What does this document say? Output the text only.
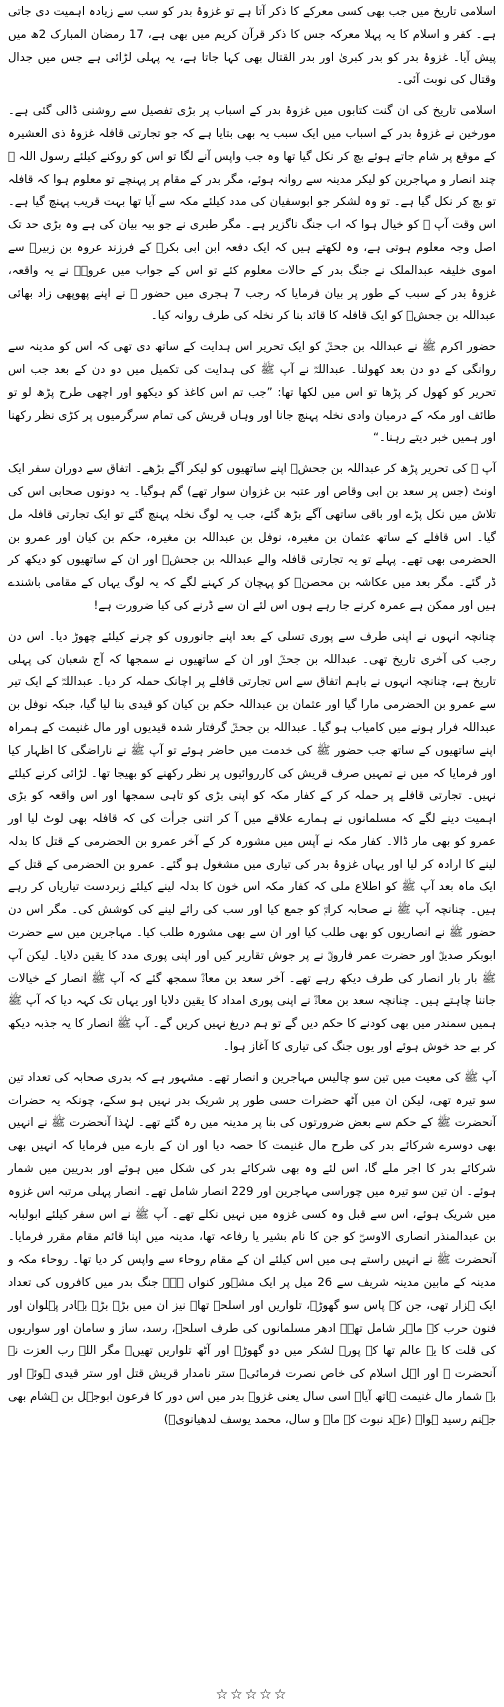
اسلامی تاریخ میں جب بھی کسی معرکے کا ذکر آتا ہے تو غزوۂ بدر کو سب سے زیادہ اہمیت دی جاتی ہے۔ کفر و اسلام کا یہ پہلا معرکہ جس کا ذکر قرآن کریم میں بھی ہے، 17 رمضان المبارک 2ھ میں پیش آیا۔ غزوۂ بدر کو بدر کبریٰ اور بدر القتال بھی کہا جاتا ہے، یہ پہلی لڑائی ہے جس میں جدال وقتال کی نوبت آئی۔

اسلامی تاریخ کی ان گنت کتابوں میں غزوۂ بدر کے اسباب پر بڑی تفصیل سے روشنی ڈالی گئی ہے۔ مورخین نے غزوۂ بدر کے اسباب میں ایک سبب یہ بھی بتایا ہے کہ جو تجارتی قافلہ غزوۂ ذی العشیرہ کے موقع پر شام جاتے ہوئے بچ کر نکل گیا تھا وہ جب واپس آنے لگا تو اس کو روکنے کیلئے رسول اللہ ﷺ چند انصار و مہاجرین کو لیکر مدینہ سے روانہ ہوئے، مگر بدر کے مقام پر پہنچے تو معلوم ہوا کہ قافلہ تو بچ کر نکل گیا ہے۔ تو وہ لشکر جو ابوسفیان کی مدد کیلئے مکہ سے آیا تھا بہت قریب پہنچ گیا ہے۔ اس وقت آپ ﷺ کو خیال ہوا کہ اب جنگ ناگزیر ہے۔ مگر طبری نے جو بیہ بیان کی ہے وہ بڑی حد تک اصل وجہ معلوم ہوتی ہے، وہ لکھتے ہیں کہ ایک دفعہ ابن ابی بکرؓ کے فرزند عروہ بن زبیرؓ سے اموی خلیفہ عبدالملک نے جنگ بدر کے حالات معلوم کئے تو اس کے جواب میں عروہؓ نے یہ واقعہ، غزوۂ بدر کے سبب کے طور پر بیان فرمایا کہ رجب 7 ہجری میں حضور ﷺ نے اپنے پھوپھی زاد بھائی عبداللہ بن جحشؓ کو ایک قافلہ کا قائد بنا کر نخلہ کی طرف روانہ کیا۔

حضور اکرم ﷺ نے عبداللہ بن جحشؓ کو ایک تحریر اس ہدایت کے ساتھ دی تھی کہ اس کو مدینہ سے روانگی کے دو دن بعد کھولنا۔ عبداللہؓ نے آپ ﷺ کی ہدایت کی تکمیل میں دو دن کے بعد جب اس تحریر کو کھول کر پڑھا تو اس میں لکھا تھا: ”جب تم اس کاغذ کو دیکھو اور اچھی طرح پڑھ لو تو طائف اور مکہ کے درمیان وادی نخلہ پہنچ جانا اور وہاں قریش کی تمام سرگرمیوں پر کڑی نظر رکھنا اور ہمیں خبر دیتے رہنا۔“

آپ ﷺ کی تحریر پڑھ کر عبداللہ بن جحشؓ اپنے ساتھیوں کو لیکر آگے بڑھے۔ اتفاق سے دوران سفر ایک اونٹ (جس پر سعد بن ابی وقاص اور عتبہ بن غزوان سوار تھے) گم ہوگیا۔ یہ دونوں صحابی اس کی تلاش میں نکل پڑے اور باقی ساتھی آگے بڑھ گئے، جب یہ لوگ نخلہ پہنچ گئے تو ایک تجارتی قافلہ مل گیا۔ اس قافلے کے ساتھ عثمان بن مغیرہ، نوفل بن عبداللہ بن مغیرہ، حکم بن کیان اور عمرو بن الحضرمی بھی تھے۔ پہلے تو یہ تجارتی قافلہ والے عبداللہ بن جحشؓ اور ان کے ساتھیوں کو دیکھ کر ڈر گئے۔ مگر بعد میں عکاشہ بن محصنؓ کو پہچان کر کہنے لگے کہ یہ لوگ یہاں کے مقامی باشندے ہیں اور ممکن ہے عمرہ کرنے جا رہے ہوں اس لئے ان سے ڈرنے کی کیا ضرورت ہے!

چنانچہ انہوں نے اپنی طرف سے پوری تسلی کے بعد اپنے جانوروں کو چرنے کیلئے چھوڑ دیا۔ اس دن رجب کی آخری تاریخ تھی۔ عبداللہ بن جحشؓ اور ان کے ساتھیوں نے سمجھا کہ آج شعبان کی پہلی تاریخ ہے، چنانچہ انہوں نے باہم اتفاق سے اس تجارتی قافلے پر اچانک حملہ کر دیا۔ عبداللہؓ کے ایک تیر سے عمرو بن الحضرمی مارا گیا اور عثمان بن عبداللہ حکم بن کیان کو قیدی بنا لیا گیا، جبکہ نوفل بن عبداللہ فرار ہونے میں کامیاب ہو گیا۔ عبداللہ بن جحشؓ گرفتار شدہ قیدیوں اور مال غنیمت کے ہمراہ اپنے ساتھیوں کے ساتھ جب حضور ﷺ کی خدمت میں حاضر ہوئے تو آپ ﷺ نے ناراضگی کا اظہار کیا اور فرمایا کہ میں نے تمہیں صرف قریش کی کارروائیوں پر نظر رکھنے کو بھیجا تھا۔ لڑائی کرنے کیلئے نہیں۔ تجارتی قافلے پر حملہ کر کے کفار مکہ کو اپنی بڑی کو تاہی سمجھا اور اس واقعہ کو بڑی اہمیت دینے لگے کہ مسلمانوں نے ہمارے علاقے میں آ کر اتنی جرأت کی کہ قافلہ بھی لوٹ لیا اور عمرو کو بھی مار ڈالا۔ کفار مکہ نے آپس میں مشورہ کر کے آخر عمرو بن الحضرمی کے قتل کا بدلہ لینے کا ارادہ کر لیا اور یہاں غزوۂ بدر کی تیاری میں مشغول ہو گئے۔ عمرو بن الحضرمی کے قتل کے ایک ماہ بعد آپ ﷺ کو اطلاع ملی کہ کفار مکہ اس خون کا بدلہ لینے کیلئے زبردست تیاریاں کر رہے ہیں۔ چنانچہ آپ ﷺ نے صحابہ کرامؓ کو جمع کیا اور سب کی رائے لینے کی کوشش کی۔ مگر اس دن حضور ﷺ نے انصاریوں کو بھی طلب کیا اور ان سے بھی مشورہ طلب کیا۔ مہاجرین میں سے حضرت ابوبکر صدیقؓ اور حضرت عمر فاروقؓ نے پر جوش تقاریر کیں اور اپنی پوری مدد کا یقین دلایا۔ لیکن آپ ﷺ بار بار انصار کی طرف دیکھ رہے تھے۔ آخر سعد بن معاذؓ سمجھ گئے کہ آپ ﷺ انصار کے خیالات جاننا چاہتے ہیں۔ چنانچہ سعد بن معاذؓ نے اپنی پوری امداد کا یقین دلایا اور یہاں تک کہہ دیا کہ آپ ﷺ ہمیں سمندر میں بھی کودنے کا حکم دیں گے تو ہم دریغ نہیں کریں گے۔ آپ ﷺ انصار کا یہ جذبہ دیکھ کر بے حد خوش ہوئے اور یوں جنگ کی تیاری کا آغاز ہوا۔

آپ ﷺ کی معیت میں تین سو چالیس مہاجرین و انصار تھے۔ مشہور ہے کہ بدری صحابہ کی تعداد تین سو تیرہ تھی، لیکن ان میں آٹھ حضرات حسی طور پر شریک بدر نہیں ہو سکے، چونکہ یہ حضرات آنحضرت ﷺ کے حکم سے بعض ضرورتوں کی بنا پر مدینہ میں رہ گئے تھے۔ لہٰذا آنحضرت ﷺ نے انہیں بھی دوسرے شرکائے بدر کی طرح مال غنیمت کا حصہ دیا اور ان کے بارے میں فرمایا کہ انہیں بھی شرکائے بدر کا اجر ملے گا، اس لئے وہ بھی شرکائے بدر کی شکل میں ہوئے اور بدریین میں شمار ہوئے۔ ان تین سو تیرہ میں چوراسی مہاجرین اور 229 انصار شامل تھے۔ انصار پہلی مرتبہ اس غزوہ میں شریک ہوئے، اس سے قبل وہ کسی غزوہ میں نہیں نکلے تھے۔ آپ ﷺ نے اس سفر کیلئے ابولبابہ بن عبدالمنذر انصاری الاوسیؓ کو جن کا نام بشیر یا رفاعہ تھا، مدینہ میں اپنا قائم مقام مقرر فرمایا۔ آنحضرت ﷺ نے انہیں راستے ہی میں اس کیلئے ان کے مقام روحاء سے واپس کر دیا تھا۔ روحاء مکہ و مدینہ کے مابین مدینہ شریف سے 26 میل پر ایک مشہور کنواں ہے۔ جنگ بدر میں کافروں کی تعداد ایک ہزار تھی، جن کے پاس سو گھوڑے، تلواریں اور اسلحہ تھا۔ نیز ان میں بڑے بڑے بہادر پہلوان اور فنون حرب کے ماہر شامل تھے۔ ادھر مسلمانوں کی طرف اسلحہ، رسد، ساز و سامان اور سواریوں کی قلت کا یہ عالم تھا کہ پورے لشکر میں دو گھوڑے اور آٹھ تلواریں تھیں۔ مگر اللہ رب العزت نے آنحضرت ﷺ اور اہل اسلام کی خاص نصرت فرمائی۔ ستر نامدار قریش قتل اور ستر قیدی ہوئے اور بے شمار مال غنیمت ہاتھ آیا۔ اسی سال یعنی غزوۂ بدر میں اس دور کا فرعون ابوجہل بن ہشام بھی جہنم رسید ہوا۔ (عہد نبوت کے ماہ و سال، محمد یوسف لدھیانویؒ)

☆☆☆☆☆
